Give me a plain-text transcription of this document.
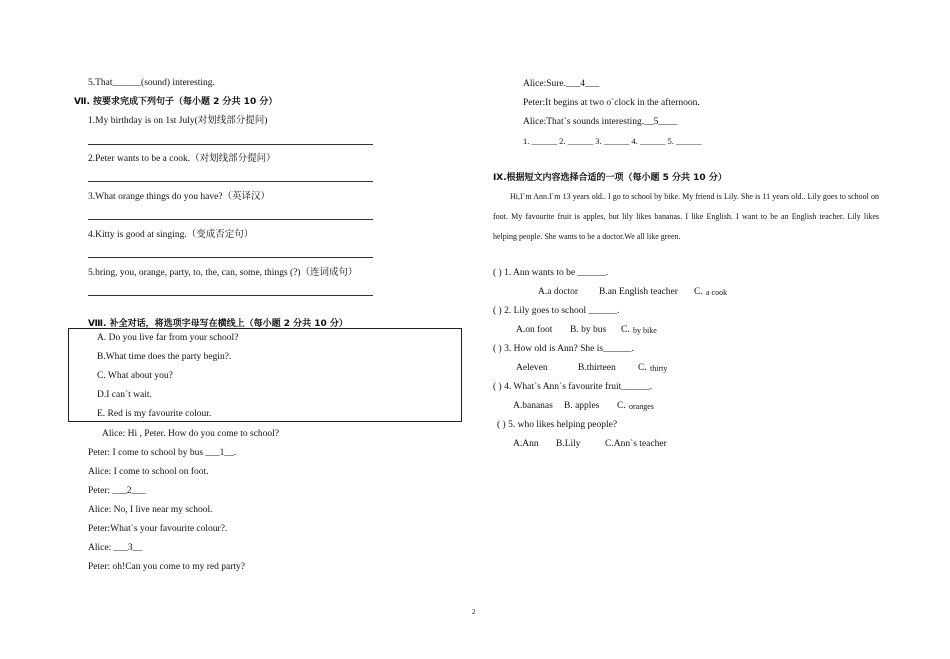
5.That______(sound) interesting.
Ⅶ. 按要求完成下列句子（每小题 2 分共 10 分）
1.My birthday is on 1st July(对划线部分提问)
2.Peter wants to be a cook.（对划线部分提问）
3.What orange things do you have?（英译汉）
4.Kitty is good at singing.（变成否定句）
5.bring, you, orange, party, to, the, can, some, things (?)（连词成句）
Ⅷ. 补全对话，将选项字母写在横线上（每小题 2 分共 10 分）
A. Do you live far from your school?
B.What time does the party begin?.
C. What about you?
D.I can`t wait.
E. Red is my favourite colour.
Alice: Hi , Peter. How do you come to school?
Peter: I come to school by bus ___1__.
Alice: I come to school on foot.
Peter: ___2___
Alice: No, I live near my school.
Peter:What`s your favourite colour?.
Alice: ___3__
Peter: oh!Can you come to my red party?
Alice:Sure.___4___
Peter:It begins at two o`clock in the afternoon.
Alice:That`s sounds interesting.__5____
1. ______ 2. ______ 3. ______ 4. ______ 5. ______
Ⅸ.根据短文内容选择合适的一项（每小题 5 分共 10 分）
Hi,I`m Ann.I`m 13 years old.. I go to school by bike. My friend is Lily. She is 11 years old.. Lily goes to school on foot. My favourite fruit is apples, but lily likes bananas. I like English. I want to be an English teacher. Lily likes helping people. She wants to be a doctor.We all like green.
( ) 1. Ann wants to be ______.
A.a doctor B.an English teacher C. a cook
( ) 2. Lily goes to school ______.
A.on foot B. by bus C. by bike
( ) 3. How old is Ann? She is______.
Aeleven	B.thirteen C. thirty
( ) 4. What`s Ann`s favourite fruit______.
A.bananas B. apples C. oranges
( ) 5. who likes helping people?
A.Ann B.Lily	C.Ann`s teacher
2
